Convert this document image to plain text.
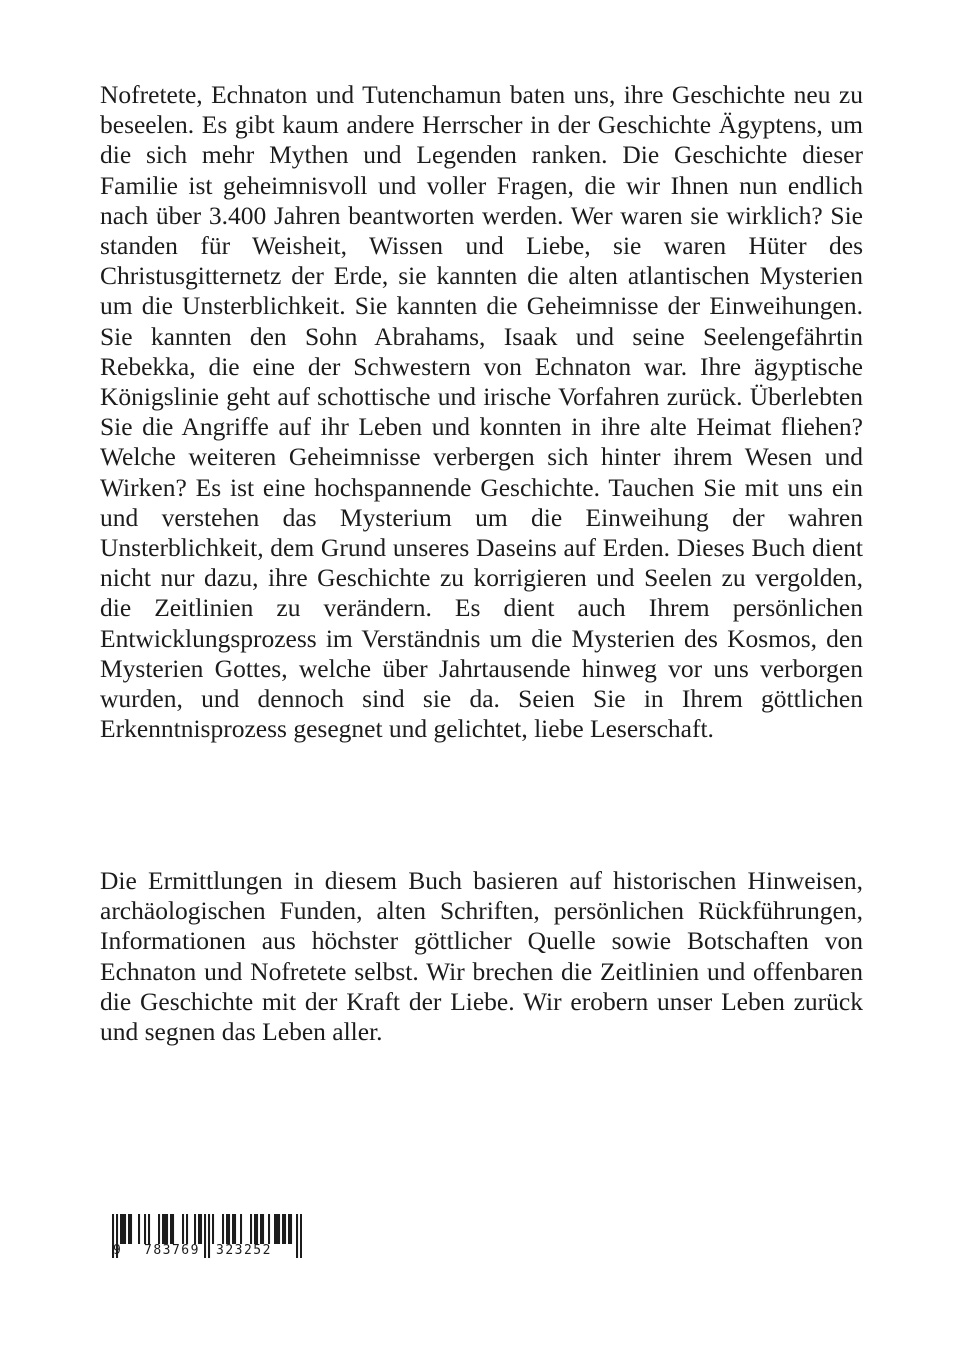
Nofretete, Echnaton und Tutenchamun baten uns, ihre Geschichte neu zu beseelen. Es gibt kaum andere Herrscher in der Geschichte Ägyptens, um die sich mehr Mythen und Legenden ranken. Die Geschichte dieser Familie ist geheimnisvoll und voller Fragen, die wir Ihnen nun endlich nach über 3.400 Jahren beantworten werden. Wer waren sie wirklich? Sie standen für Weisheit, Wissen und Liebe, sie waren Hüter des Christusgitternetz der Erde, sie kannten die alten atlantischen Mysterien um die Unsterblichkeit. Sie kannten die Geheimnisse der Einweihungen. Sie kannten den Sohn Abrahams, Isaak und seine Seelengefährtin Rebekka, die eine der Schwestern von Echnaton war. Ihre ägyptische Königslinie geht auf schottische und irische Vorfahren zurück. Überlebten Sie die Angriffe auf ihr Leben und konnten in ihre alte Heimat fliehen? Welche weiteren Geheimnisse verbergen sich hinter ihrem Wesen und Wirken? Es ist eine hochspannende Geschichte. Tauchen Sie mit uns ein und verstehen das Mysterium um die Einweihung der wahren Unsterblichkeit, dem Grund unseres Daseins auf Erden. Dieses Buch dient nicht nur dazu, ihre Geschichte zu korrigieren und Seelen zu vergolden, die Zeitlinien zu verändern. Es dient auch Ihrem persönlichen Entwicklungsprozess im Verständnis um die Mysterien des Kosmos, den Mysterien Gottes, welche über Jahrtausende hinweg vor uns verborgen wurden, und dennoch sind sie da. Seien Sie in Ihrem göttlichen Erkenntnisprozess gesegnet und gelichtet, liebe Leserschaft.

Die Ermittlungen in diesem Buch basieren auf historischen Hinweisen, archäologischen Funden, alten Schriften, persönlichen Rückführungen, Informationen aus höchster göttlicher Quelle sowie Botschaften von Echnaton und Nofretete selbst. Wir brechen die Zeitlinien und offenbaren die Geschichte mit der Kraft der Liebe. Wir erobern unser Leben zurück und segnen das Leben aller.

9 783769 323252
